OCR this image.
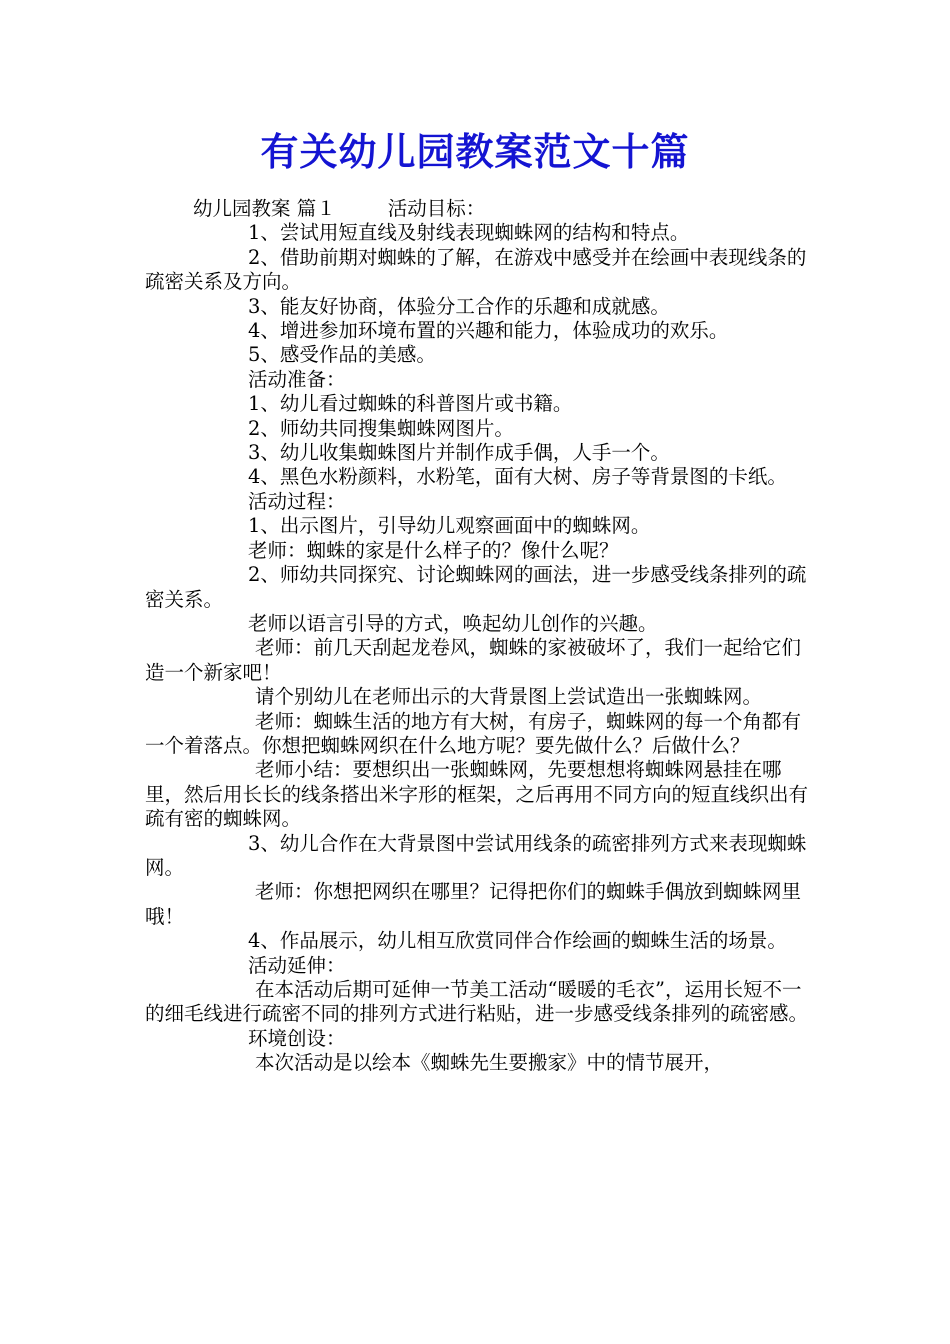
有关幼儿园教案范文十篇

幼儿园教案 篇１	活动目标：

1、尝试用短直线及射线表现蜘蛛网的结构和特点。

2、借助前期对蜘蛛的了解，在游戏中感受并在绘画中表现线条的疏密关系及方向。

3、能友好协商，体验分工合作的乐趣和成就感。

4、增进参加环境布置的兴趣和能力，体验成功的欢乐。

5、感受作品的美感。

活动准备：

1、幼儿看过蜘蛛的科普图片或书籍。

2、师幼共同搜集蜘蛛网图片。

3、幼儿收集蜘蛛图片并制作成手偶，人手一个。

4、黑色水粉颜料，水粉笔，面有大树、房子等背景图的卡纸。

活动过程：

1、出示图片，引导幼儿观察画面中的蜘蛛网。

老师：蜘蛛的家是什么样子的？像什么呢？

2、师幼共同探究、讨论蜘蛛网的画法，进一步感受线条排列的疏密关系。

老师以语言引导的方式，唤起幼儿创作的兴趣。

老师：前几天刮起龙卷风，蜘蛛的家被破坏了，我们一起给它们造一个新家吧！

请个别幼儿在老师出示的大背景图上尝试造出一张蜘蛛网。

老师：蜘蛛生活的地方有大树，有房子，蜘蛛网的每一个角都有一个着落点。你想把蜘蛛网织在什么地方呢？要先做什么？后做什么？

老师小结：要想织出一张蜘蛛网，先要想想将蜘蛛网悬挂在哪里，然后用长长的线条搭出米字形的框架，之后再用不同方向的短直线织出有疏有密的蜘蛛网。

3、幼儿合作在大背景图中尝试用线条的疏密排列方式来表现蜘蛛网。

老师：你想把网织在哪里？记得把你们的蜘蛛手偶放到蜘蛛网里哦！

4、作品展示，幼儿相互欣赏同伴合作绘画的蜘蛛生活的场景。

活动延伸：

在本活动后期可延伸一节美工活动“暖暖的毛衣”，运用长短不一的细毛线进行疏密不同的排列方式进行粘贴，进一步感受线条排列的疏密感。

环境创设：

本次活动是以绘本《蜘蛛先生要搬家》中的情节展开，
